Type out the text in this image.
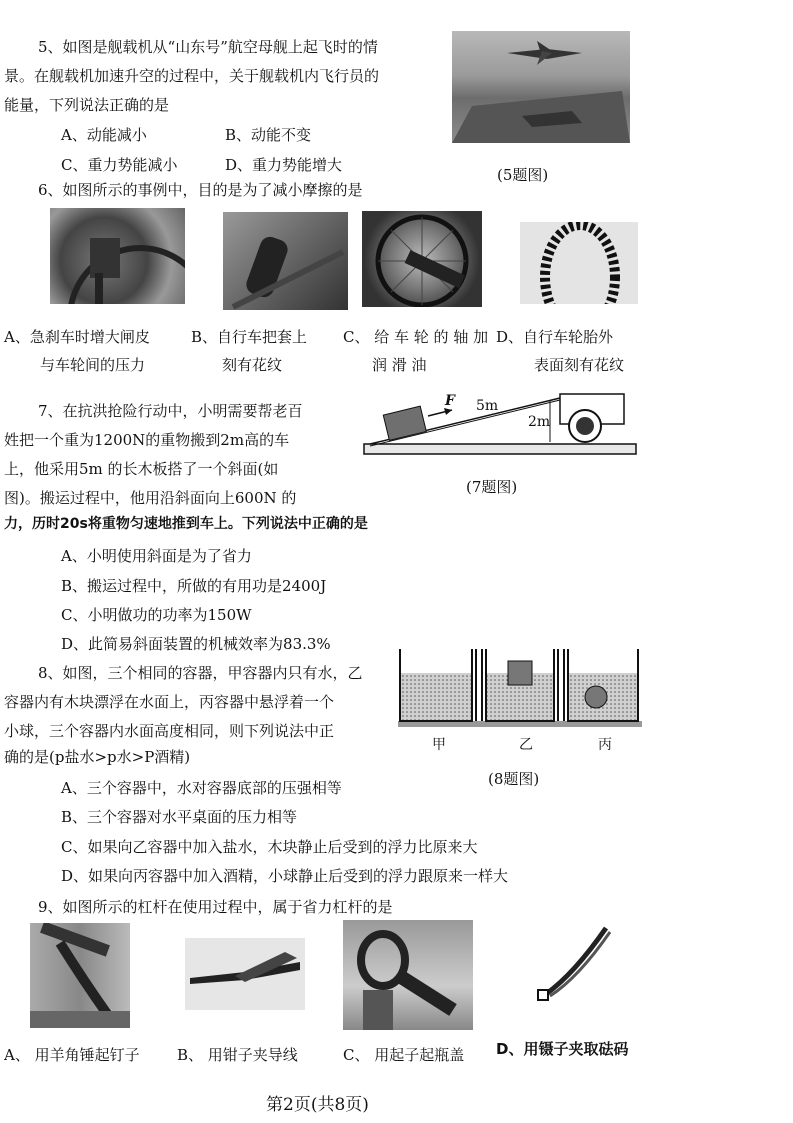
5、如图是舰载机从“山东号”航空母舰上起飞时的情
景。在舰载机加速升空的过程中，关于舰载机内飞行员的
能量，下列说法正确的是
A、动能减小	B、动能不变
C、重力势能减小	D、重力势能增大
(5题图)
6、如图所示的事例中，目的是为了减小摩擦的是
A、急刹车时增大闸皮
与车轮间的压力
B、自行车把套上
刻有花纹
C、 给 车 轮 的 轴 加
润 滑 油
D、自行车轮胎外
表面刻有花纹
7、在抗洪抢险行动中，小明需要帮老百
姓把一个重为1200N的重物搬到2m高的车
上，他采用5m 的长木板搭了一个斜面(如
图)。搬运过程中，他用沿斜面向上600N 的
力，历时20s将重物匀速地推到车上。下列说法中正确的是
A、小明使用斜面是为了省力
B、搬运过程中，所做的有用功是2400J
C、小明做功的功率为150W
D、此简易斜面装置的机械效率为83.3%
F 5m
2m
(7题图)
8、如图，三个相同的容器，甲容器内只有水，乙
容器内有木块漂浮在水面上，丙容器中悬浮着一个
小球，三个容器内水面高度相同，则下列说法中正
确的是(p盐水>p水>P酒精)
A、三个容器中，水对容器底部的压强相等
B、三个容器对水平桌面的压力相等
C、如果向乙容器中加入盐水，木块静止后受到的浮力比原来大
D、如果向丙容器中加入酒精，小球静止后受到的浮力跟原来一样大
甲	乙	丙
(8题图)
9、如图所示的杠杆在使用过程中，属于省力杠杆的是
A、 用羊角锤起钉子 B、 用钳子夹导线	C、 用起子起瓶盖 D、用镊子夹取砝码
第2页(共8页)
